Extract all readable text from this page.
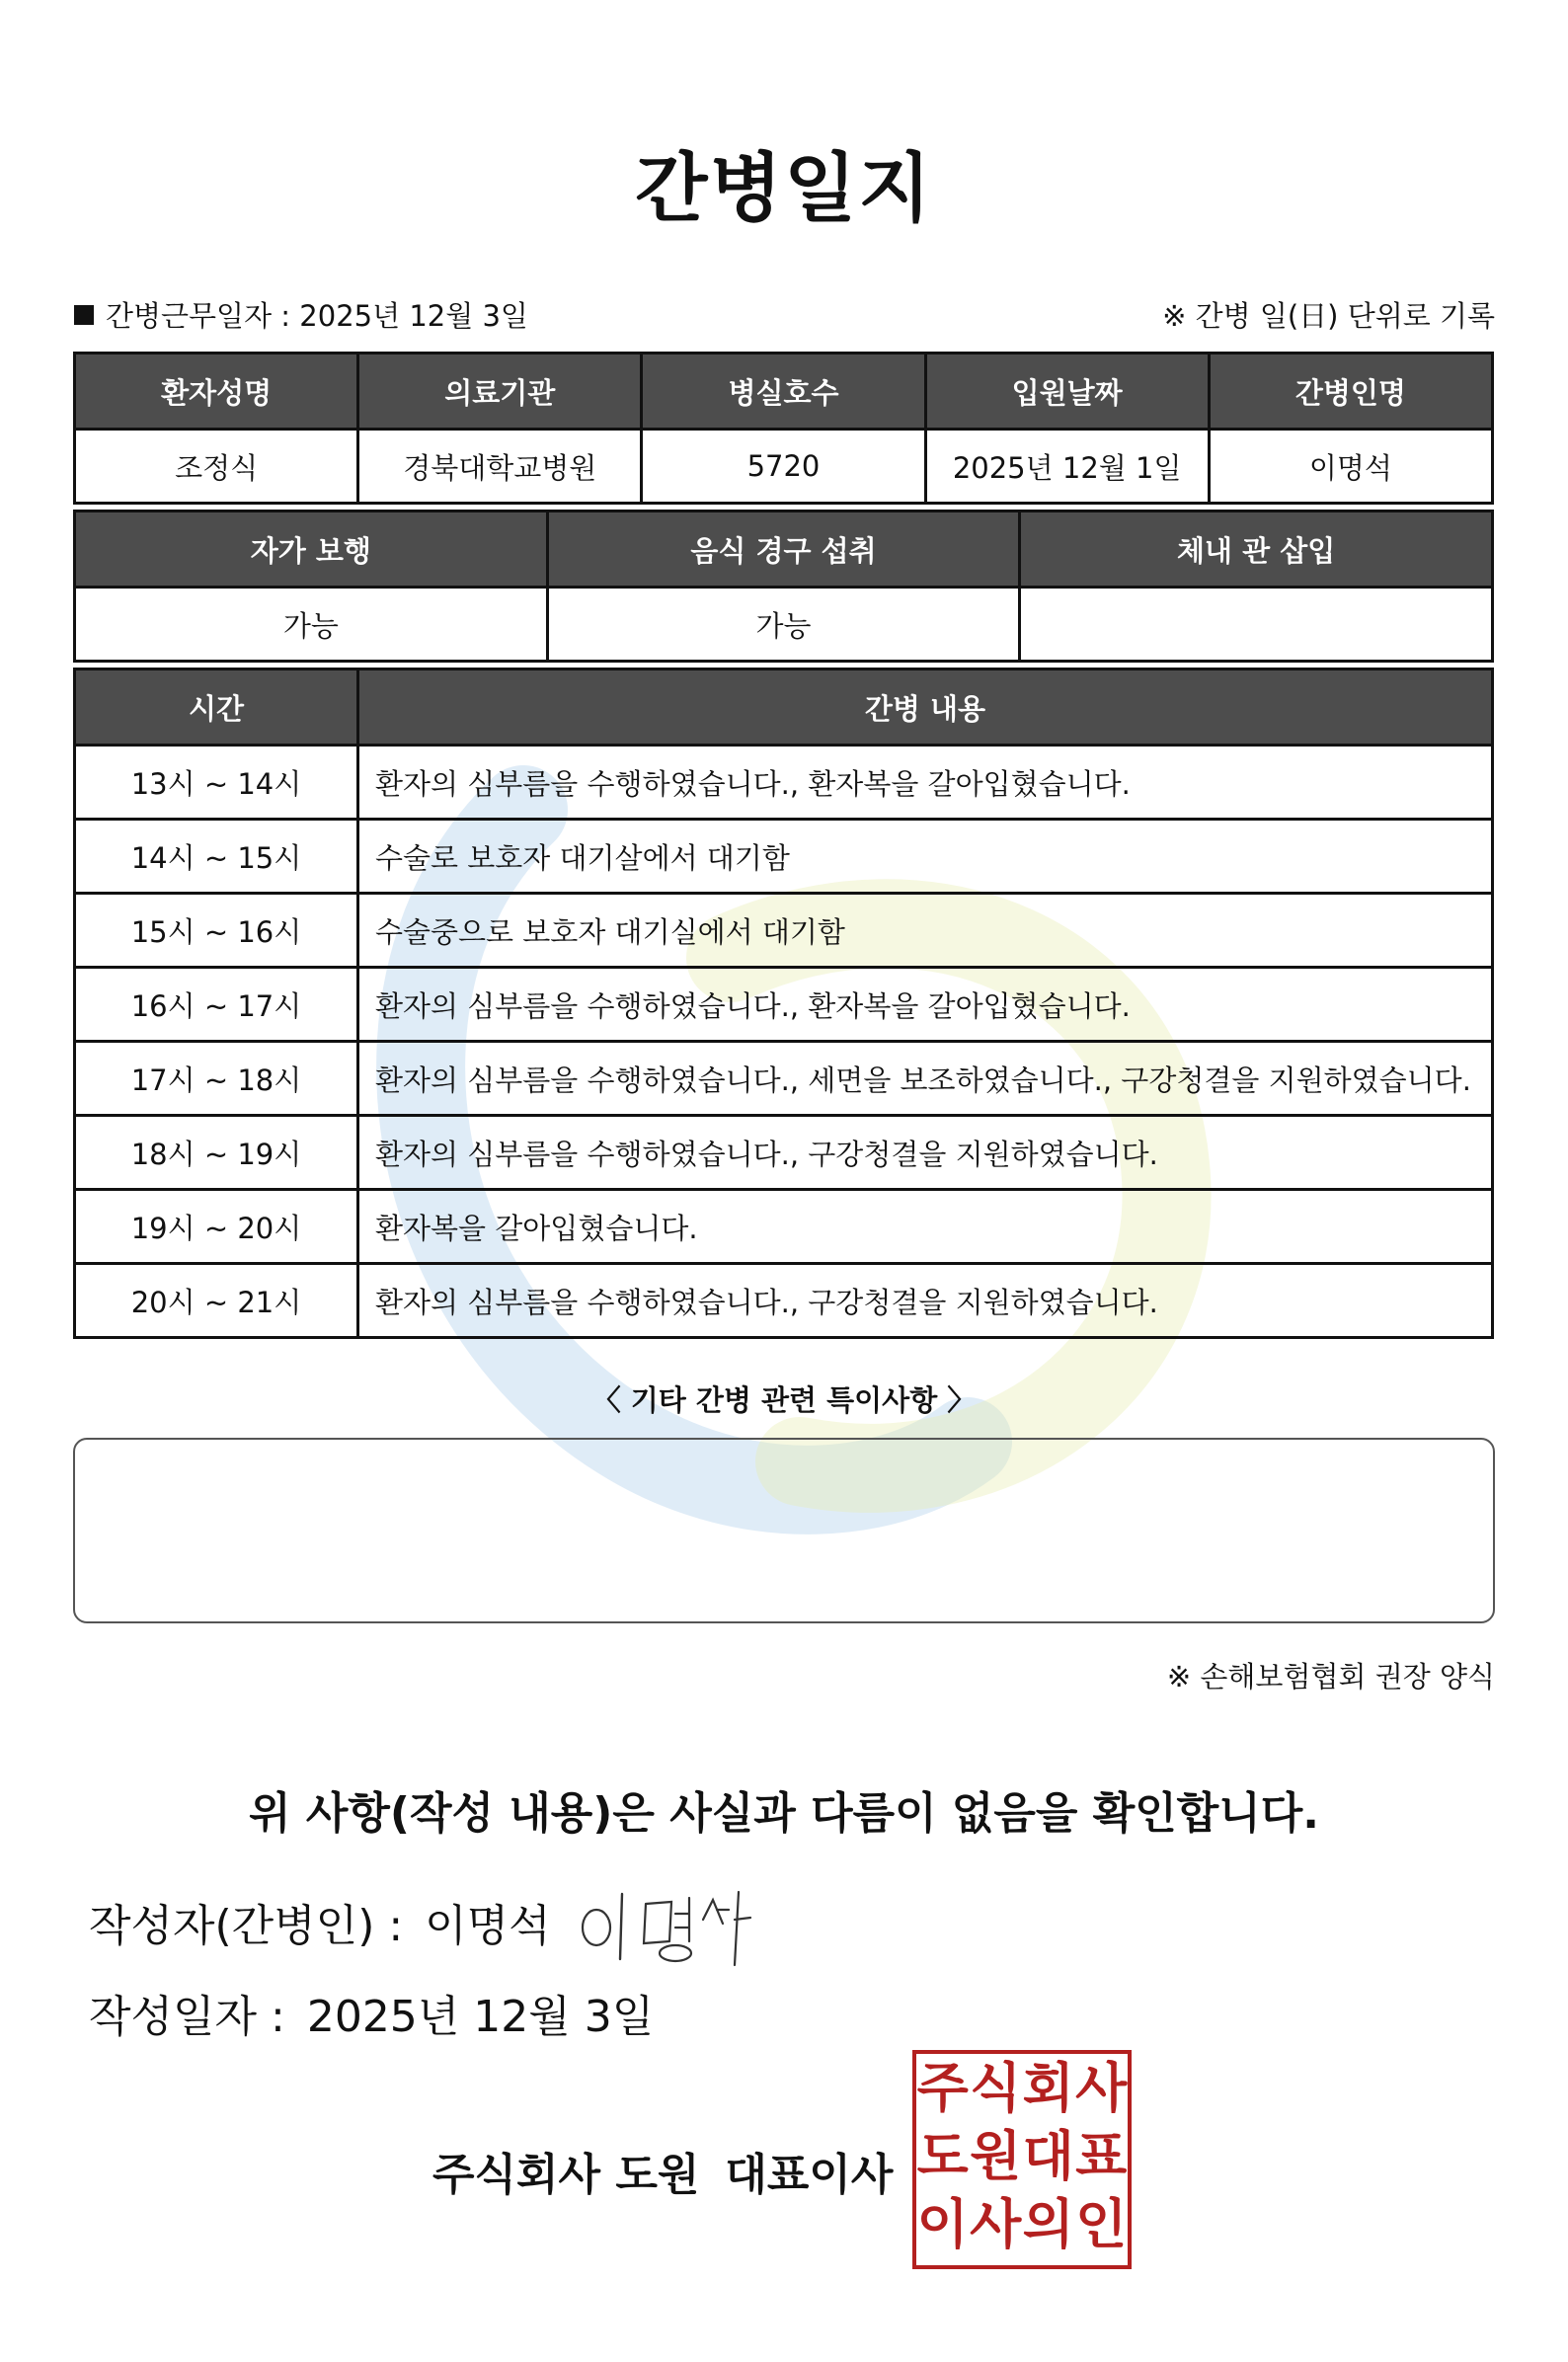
간병일지
간병근무일자 : 2025년 12월 3일	※ 간병 일(日) 단위로 기록
환자성명	의료기관	병실호수	입원날짜	간병인명
조정식	경북대학교병원	5720	2025년 12월 1일	이명석
자가 보행	음식 경구 섭취	체내 관 삽입
가능	가능	
시간	간병 내용
13시 ~ 14시	환자의 심부름을 수행하였습니다., 환자복을 갈아입혔습니다.
14시 ~ 15시	수술로 보호자 대기살에서 대기함
15시 ~ 16시	수술중으로 보호자 대기실에서 대기함
16시 ~ 17시	환자의 심부름을 수행하였습니다., 환자복을 갈아입혔습니다.
17시 ~ 18시	환자의 심부름을 수행하였습니다., 세면을 보조하였습니다., 구강청결을 지원하였습니다.
18시 ~ 19시	환자의 심부름을 수행하였습니다., 구강청결을 지원하였습니다.
19시 ~ 20시	환자복을 갈아입혔습니다.
20시 ~ 21시	환자의 심부름을 수행하였습니다., 구강청결을 지원하였습니다.
〈 기타 간병 관련 특이사항 〉
※ 손해보험협회 권장 양식
위 사항(작성 내용)은 사실과 다름이 없음을 확인합니다.
작성자(간병인) : 이명석
작성일자 : 2025년 12월 3일
주식회사 도원 대표이사
주 식 회 사
도 원 대 표
이 사 의 인
